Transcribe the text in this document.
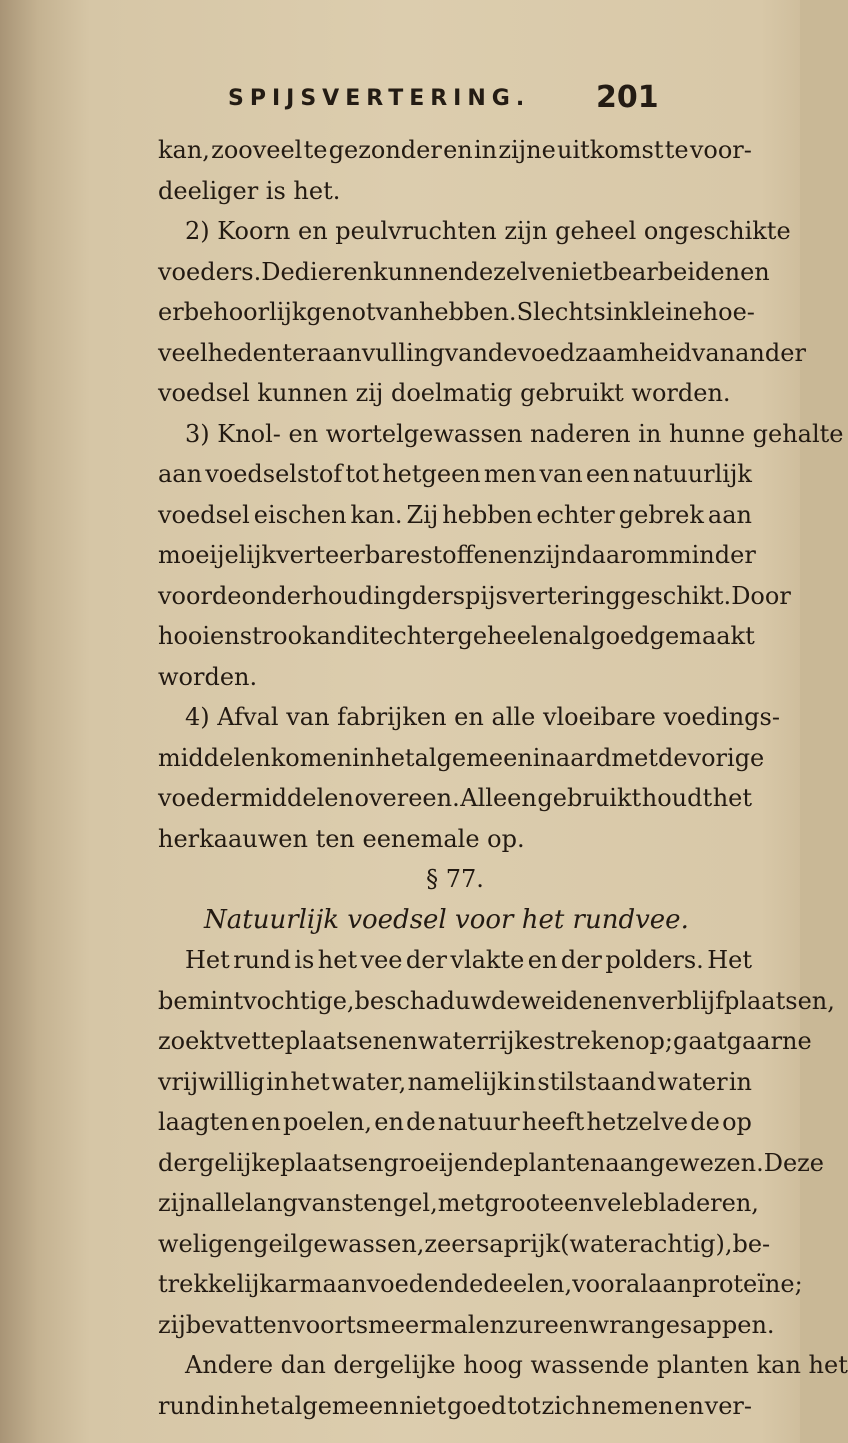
SPIJSVERTERING. 201
kan, zooveel te gezonder en in zijne uitkomst te voor-
deeliger is het.
2) Koorn en peulvruchten zijn geheel ongeschikte
voeders. De dieren kunnen dezelve niet bearbeiden en
er behoorlijk genot van hebben. Slechts in kleine hoe-
veelheden ter aanvulling van de voedzaamheid van ander
voedsel kunnen zij doelmatig gebruikt worden.
3) Knol- en wortelgewassen naderen in hunne gehalte
aan voedselstof tot hetgeen men van een natuurlijk
voedsel eischen kan. Zij hebben echter gebrek aan
moeijelijk verteerbare stoffen en zijn daarom minder
voor de onderhouding der spijsvertering geschikt. Door
hooi en stroo kan dit echter geheel en al goedgemaakt
worden.
4) Afval van fabrijken en alle vloeibare voedings-
middelen komen in het algemeen in aard met de vorige
voedermiddelen overeen. Alleen gebruikt houdt het
herkaauwen ten eenemale op.
§ 77.
Natuurlijk voedsel voor het rundvee.
Het rund is het vee der vlakte en der polders. Het
bemint vochtige, beschaduwde weiden en verblijfplaatsen,
zoekt vette plaatsen en waterrijke streken op; gaat gaarne
vrijwillig in het water, namelijk in stilstaand water in
laagten en poelen, en de natuur heeft hetzelve de op
dergelijke plaatsen groeijende planten aangewezen. Deze
zijn alle lang van stengel, met groote en vele bladeren,
welig en geil gewassen, zeer saprijk (waterachtig), be-
trekkelijk arm aan voedende deelen, vooral aan proteïne;
zij bevatten voorts meermalen zure en wrange sappen.
Andere dan dergelijke hoog wassende planten kan het
rund in het algemeen niet goed tot zich nemen en ver-
